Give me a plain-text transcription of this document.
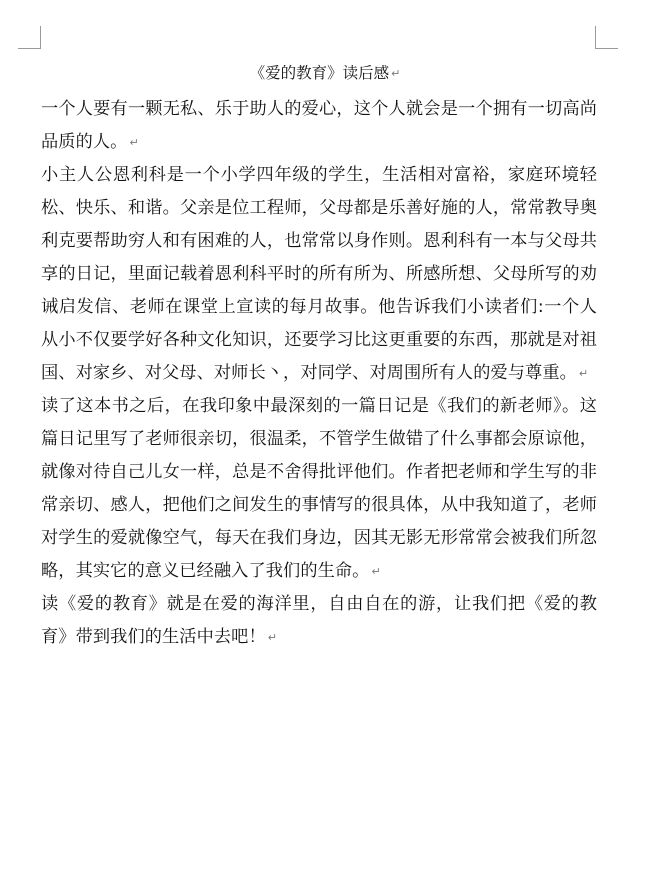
《爱的教育》读后感 ↵

一个人要有一颗无私、乐于助人的爱心，这个人就会是一个拥有一切高尚品质的人。 ↵

小主人公恩利科是一个小学四年级的学生，生活相对富裕，家庭环境轻松、快乐、和谐。父亲是位工程师，父母都是乐善好施的人，常常教导奥利克要帮助穷人和有困难的人，也常常以身作则。恩利科有一本与父母共享的日记，里面记载着恩利科平时的所有所为、所感所想、父母所写的劝诫启发信、老师在课堂上宣读的每月故事。他告诉我们小读者们:一个人从小不仅要学好各种文化知识，还要学习比这更重要的东西，那就是对祖国、对家乡、对父母、对师长丶，对同学、对周围所有人的爱与尊重。 ↵

读了这本书之后，在我印象中最深刻的一篇日记是《我们的新老师》。这篇日记里写了老师很亲切，很温柔，不管学生做错了什么事都会原谅他，就像对待自己儿女一样，总是不舍得批评他们。作者把老师和学生写的非常亲切、感人，把他们之间发生的事情写的很具体，从中我知道了，老师对学生的爱就像空气，每天在我们身边，因其无影无形常常会被我们所忽略，其实它的意义已经融入了我们的生命。 ↵

读《爱的教育》就是在爱的海洋里，自由自在的游，让我们把《爱的教育》带到我们的生活中去吧！ ↵
